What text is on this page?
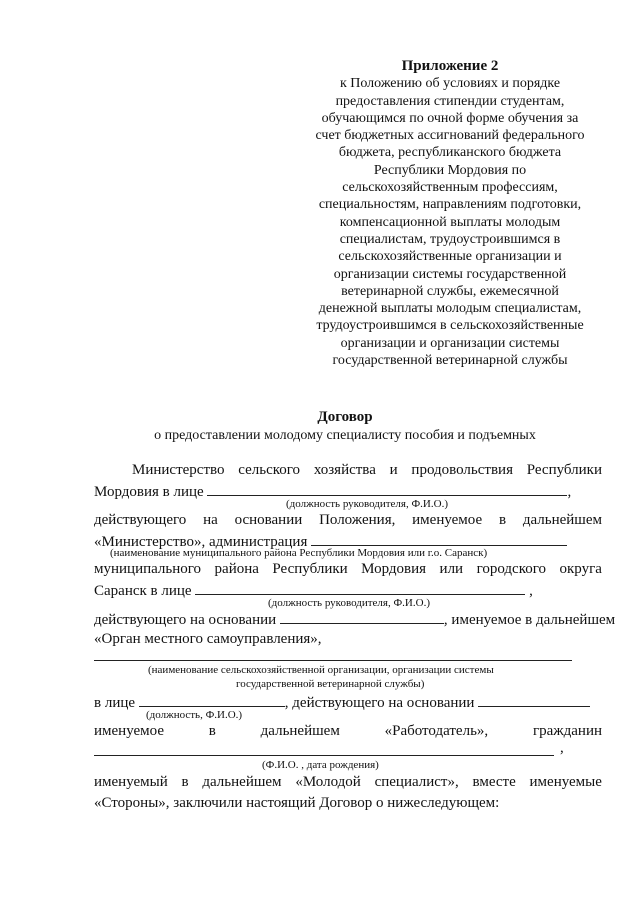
Приложение 2
к Положению об условиях и порядке
предоставления стипендии студентам,
обучающимся по очной форме обучения за
счет бюджетных ассигнований федерального
бюджета, республиканского бюджета
Республики Мордовия по
сельскохозяйственным профессиям,
специальностям, направлениям подготовки,
компенсационной выплаты молодым
специалистам, трудоустроившимся в
сельскохозяйственные организации и
организации системы государственной
ветеринарной службы, ежемесячной
денежной выплаты молодым специалистам,
трудоустроившимся в сельскохозяйственные
организации и организации системы
государственной ветеринарной службы
Договор
о предоставлении молодому специалисту пособия и подъемных
Министерство сельского хозяйства и продовольствия Республики
Мордовия в лице	,
(должность руководителя, Ф.И.О.)
действующего на основании Положения, именуемое в дальнейшем
«Министерство», администрация
(наименование муниципального района Республики Мордовия или г.о. Саранск)
муниципального района Республики Мордовия или городского округа
Саранск в лице	,
(должность руководителя, Ф.И.О.)
действующего на основании	, именуемое в дальнейшем
«Орган местного самоуправления»,
(наименование сельскохозяйственной организации, организации системы
государственной ветеринарной службы)
в лице	, действующего на основании
(должность, Ф.И.О.)
именуемое	в	дальнейшем	«Работодатель»,	гражданин
,
(Ф.И.О. , дата рождения)
именуемый в дальнейшем «Молодой специалист», вместе именуемые
«Стороны», заключили настоящий Договор о нижеследующем:
